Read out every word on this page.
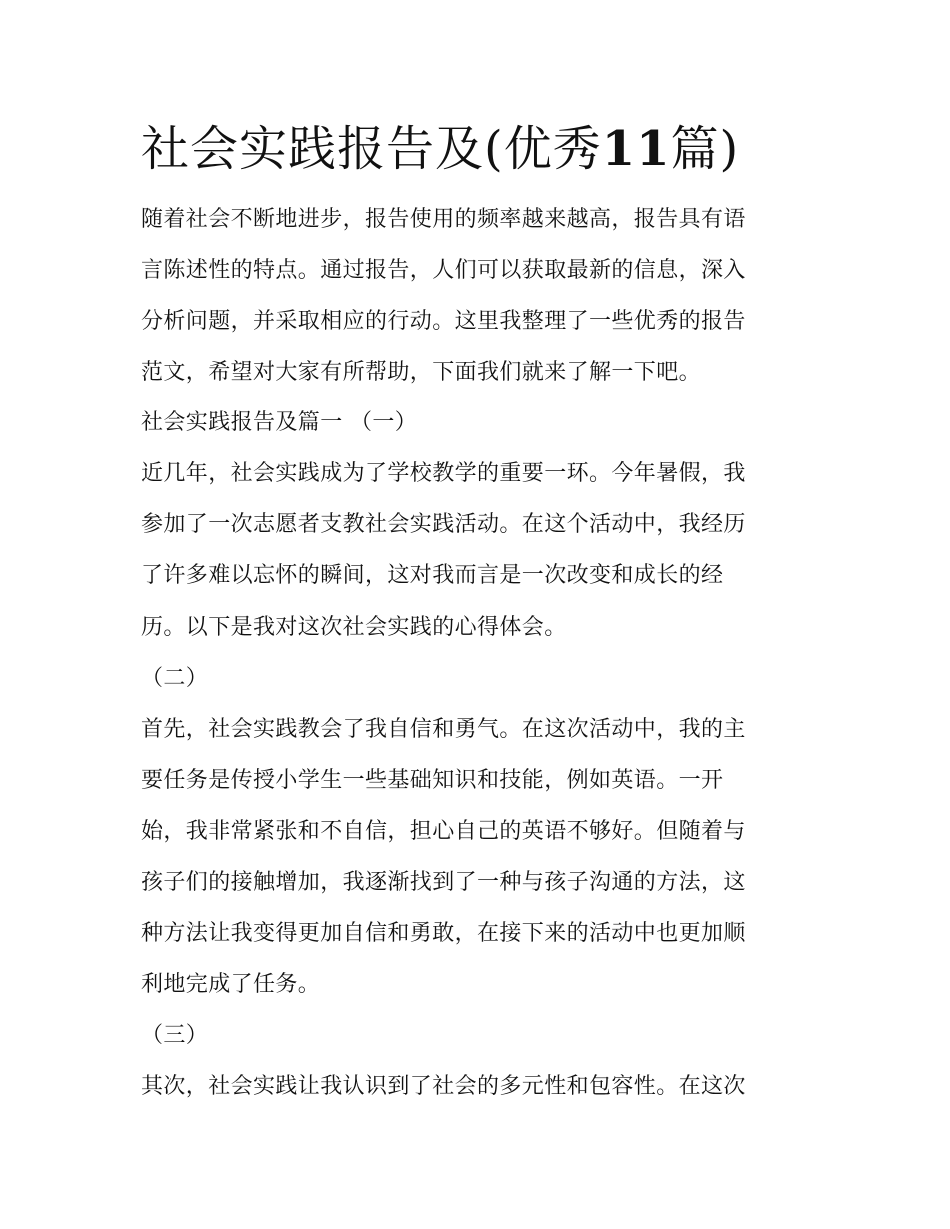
社会实践报告及(优秀11篇)
随着社会不断地进步，报告使用的频率越来越高，报告具有语
言陈述性的特点。通过报告，人们可以获取最新的信息，深入
分析问题，并采取相应的行动。这里我整理了一些优秀的报告
范文，希望对大家有所帮助，下面我们就来了解一下吧。
社会实践报告及篇一 （一）
近几年，社会实践成为了学校教学的重要一环。今年暑假，我
参加了一次志愿者支教社会实践活动。在这个活动中，我经历
了许多难以忘怀的瞬间，这对我而言是一次改变和成长的经
历。以下是我对这次社会实践的心得体会。
（二）
首先，社会实践教会了我自信和勇气。在这次活动中，我的主
要任务是传授小学生一些基础知识和技能，例如英语。一开
始，我非常紧张和不自信，担心自己的英语不够好。但随着与
孩子们的接触增加，我逐渐找到了一种与孩子沟通的方法，这
种方法让我变得更加自信和勇敢，在接下来的活动中也更加顺
利地完成了任务。
（三）
其次，社会实践让我认识到了社会的多元性和包容性。在这次
